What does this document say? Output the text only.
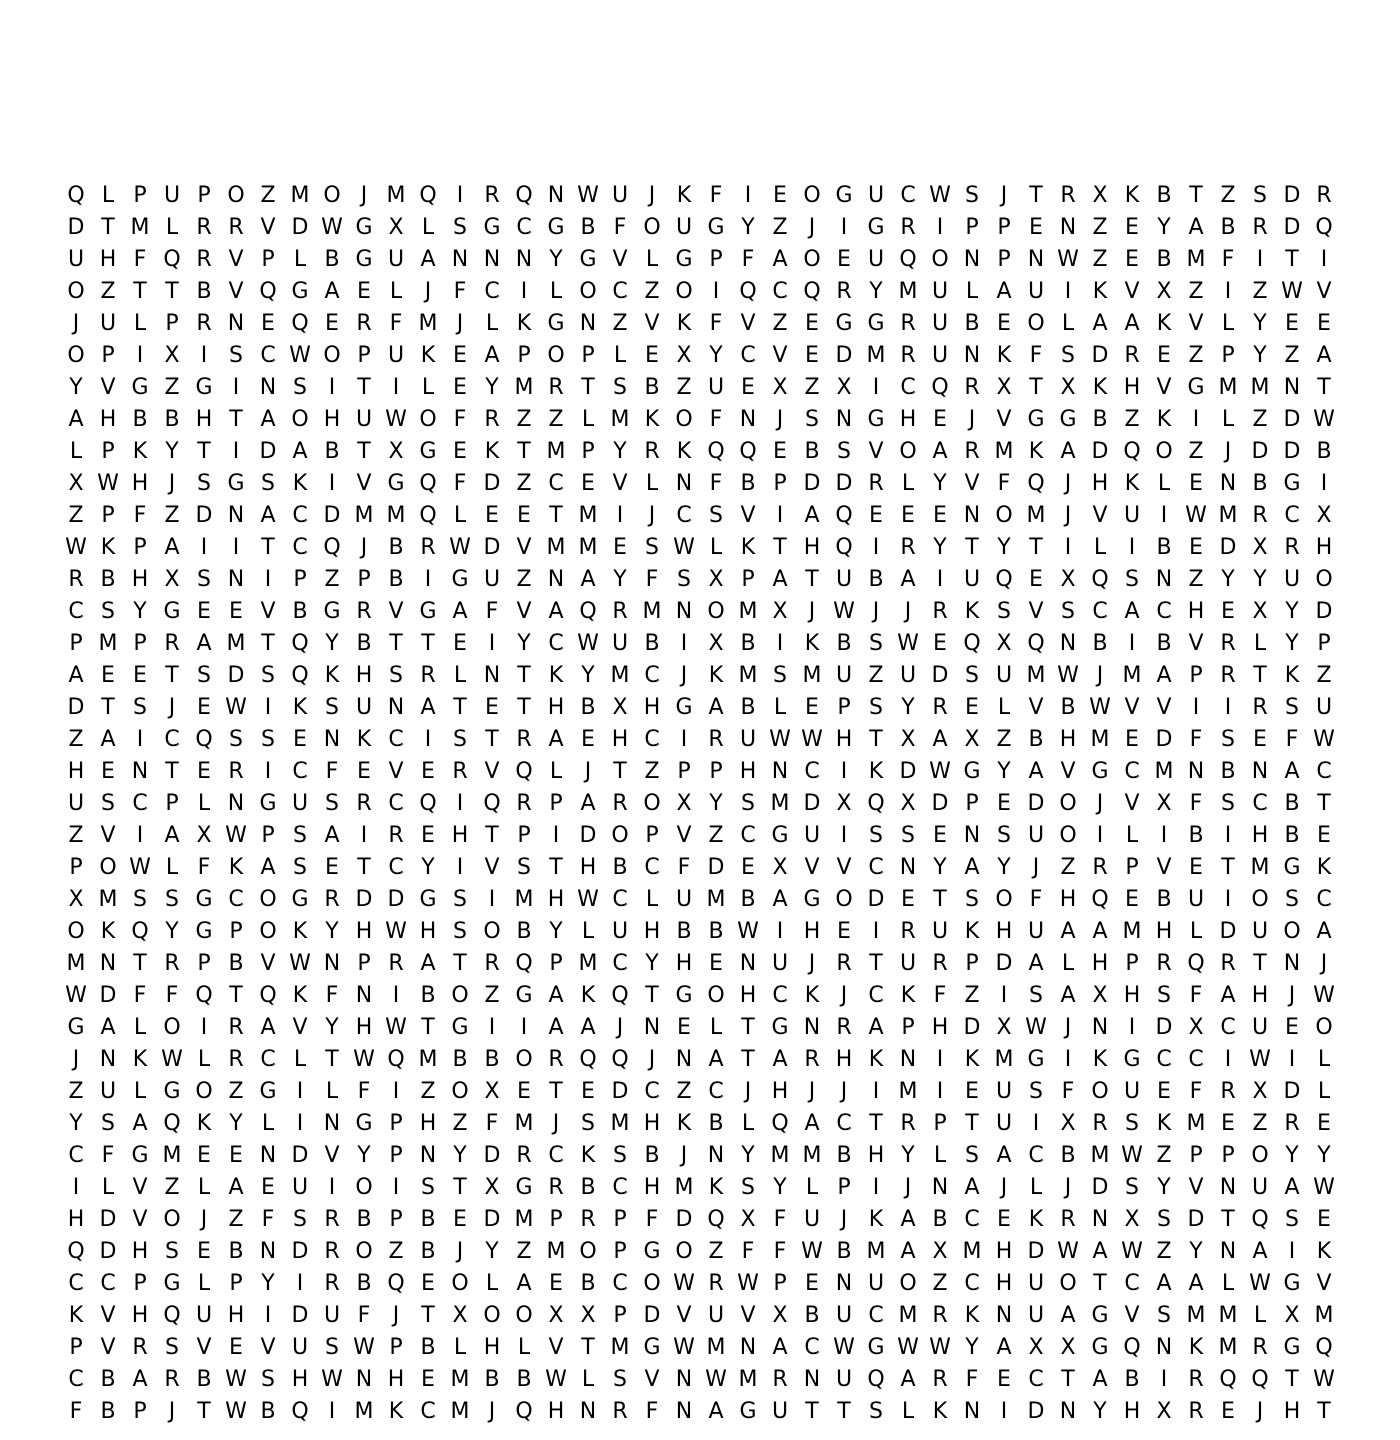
Q L P U P O Z M O J M Q I R Q N W U J K F	I E O G U C W S J	T R X K B T Z S D R
D T M L R R V D W G X L S G C G B F O U G Y Z J	I G R I	P P E N Z E Y A B R D Q
U H F Q R V P L B G U A N N N Y G V L G P F A O E U Q O N P N W Z E B M F	I	T	I
O Z T T B V Q G A E L	J	F C I	L O C Z O I Q C Q R Y M U L A U I K V X Z I Z W V
J U L P R N E Q E R F M J	L K G N Z V K F V Z E G G R U B E O L A A K V L Y E E
O P	I X I S C W O P U K E A P O P L E X Y C V E D M R U N K F S D R E Z P Y Z A
Y V G Z G I N S I	T	I	L E Y M R T S B Z U E X Z X I C Q R X T X K H V G M M N T
A H B B H T A O H U W O F R Z Z L M K O F N J S N G H E J V G G B Z K I	L Z D W
L P K Y T	I D A B T X G E K T M P Y R K Q Q E B S V O A R M K A D Q O Z J D D B
X W H J S G S K I V G Q F D Z C E V L N F B P D D R L Y V F Q J H K L E N B G I
Z P F Z D N A C D M M Q L E E T M I	J C S V I A Q E E E N O M J V U I W M R C X
W K P A I	I	T C Q J B R W D V M M E S W L K T H Q I R Y T Y T	I	L	I B E D X R H
R B H X S N I	P Z P B I G U Z N A Y F S X P A T U B A I U Q E X Q S N Z Y Y U O
C S Y G E E V B G R V G A F V A Q R M N O M X J W J	J R K S V S C A C H E X Y D
P M P R A M T Q Y B T T E I	Y C W U B I X B I K B S W E Q X Q N B I B V R L Y P
A E E T S D S Q K H S R L N T K Y M C J K M S M U Z U D S U M W J M A P R T K Z
D T S J E W I K S U N A T E T H B X H G A B L E P S Y R E L V B W V V I	I R S U
Z A I C Q S S E N K C I S T R A E H C I R U W W H T X A X Z B H M E D F S E F W
H E N T E R I C F E V E R V Q L	J	T Z P P H N C I K D W G Y A V G C M N B N A C
U S C P L N G U S R C Q I Q R P A R O X Y S M D X Q X D P E D O J V X F S C B T
Z V I A X W P S A I R E H T P	I D O P V Z C G U I S S E N S U O I	L	I B I H B E
P O W L F K A S E T C Y	I V S T H B C F D E X V V C N Y A Y	J Z R P V E T M G K
X M S S G C O G R D D G S I M H W C L U M B A G O D E T S O F H Q E B U I O S C
O K Q Y G P O K Y H W H S O B Y L U H B B W I H E I R U K H U A A M H L D U O A
M N T R P B V W N P R A T R Q P M C Y H E N U J R T U R P D A L H P R Q R T N J
W D F F Q T Q K F N I B O Z G A K Q T G O H C K J C K F Z I S A X H S F A H J W
G A L O I R A V Y H W T G I	I A A J N E L T G N R A P H D X W J N I D X C U E O
J N K W L R C L T W Q M B B O R Q Q J N A T A R H K N I K M G I K G C C I W I	L
Z U L G O Z G I	L F	I Z O X E T E D C Z C J H J	J	I M I E U S F O U E F R X D L
Y S A Q K Y L	I N G P H Z F M J S M H K B L Q A C T R P T U I X R S K M E Z R E
C F G M E E N D V Y P N Y D R C K S B J N Y M M B H Y L S A C B M W Z P P O Y Y
I	L V Z L A E U I O I S T X G R B C H M K S Y L P	I	J N A J	L	J D S Y V N U A W
H D V O J Z F S R B P B E D M P R P F D Q X F U J K A B C E K R N X S D T Q S E
Q D H S E B N D R O Z B J	Y Z M O P G O Z F F W B M A X M H D W A W Z Y N A I K
C C P G L P Y	I R B Q E O L A E B C O W R W P E N U O Z C H U O T C A A L W G V
K V H Q U H I D U F	J	T X O O X X P D V U V X B U C M R K N U A G V S M M L X M
P V R S V E V U S W P B L H L V T M G W M N A C W G W W Y A X X G Q N K M R G Q
C B A R B W S H W N H E M B B W L S V N W M R N U Q A R F E C T A B I R Q Q T W
F B P	J	T W B Q I M K C M J Q H N R F N A G U T T S L K N I D N Y H X R E J H T
